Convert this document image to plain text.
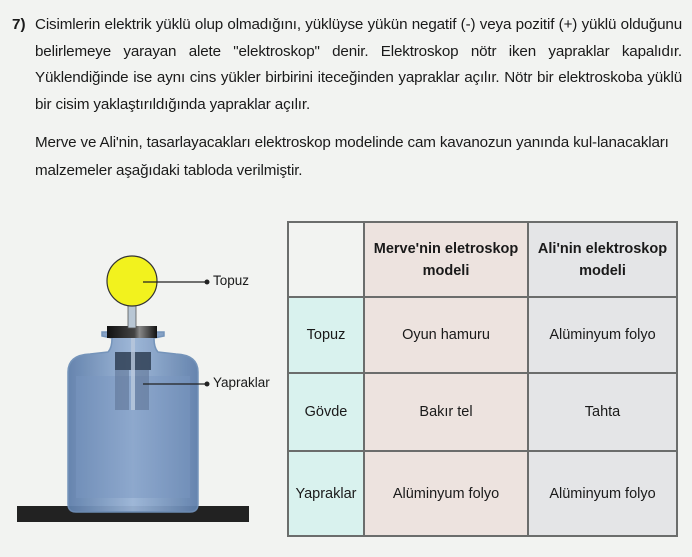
7) Cisimlerin elektrik yüklü olup olmadığını, yüklüyse yükün negatif (-) veya pozitif (+) yüklü olduğunu belirlemeye yarayan alete "elektroskop" denir. Elektroskop nötr iken yapraklar kapalıdır. Yüklendiğinde ise aynı cins yükler birbirini iteceğinden yapraklar açılır. Nötr bir elektroskoba yüklü bir cisim yaklaştırıldığında yapraklar açılır.
Merve ve Ali'nin, tasarlayacakları elektroskop modelinde cam kavanozun yanında kul-lanacakları malzemeler aşağıdaki tabloda verilmiştir.
Topuz
Yapraklar
	Merve'nin eletroskop modeli	Ali'nin elektroskop modeli
Topuz	Oyun hamuru	Alüminyum folyo
Gövde	Bakır tel	Tahta
Yapraklar	Alüminyum folyo	Alüminyum folyo
